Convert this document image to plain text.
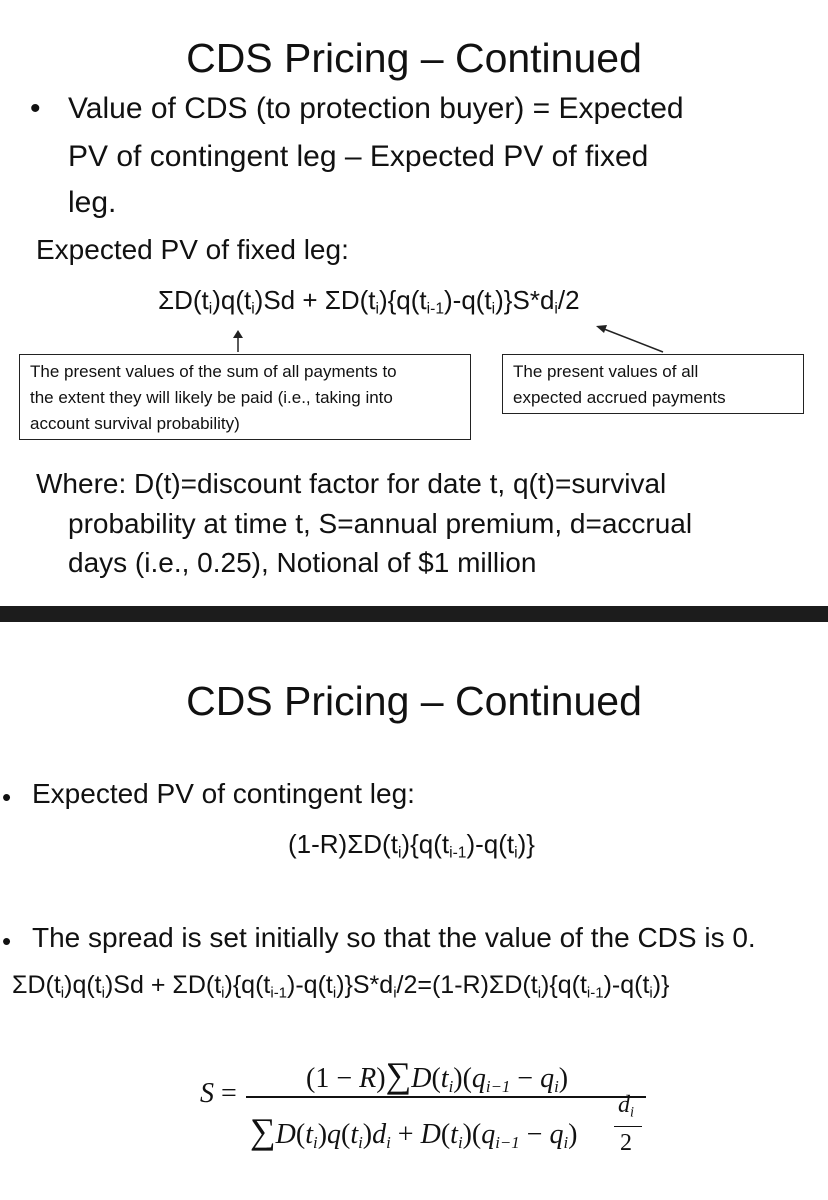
CDS Pricing – Continued
• Value of CDS (to protection buyer) = Expected
PV of contingent leg – Expected PV of fixed
leg.
Expected PV of fixed leg:
$\Sigma D(t_i)q(t_i)Sd + \Sigma D(t_i)\{q(t_{i-1})-q(t_i)\}S*d_i/2$
The present values of the sum of all payments to
the extent they will likely be paid (i.e., taking into
account survival probability)
The present values of all
expected accrued payments
Where: D(t)=discount factor for date t, q(t)=survival
probability at time t, S=annual premium, d=accrual
days (i.e., 0.25), Notional of $1 million
CDS Pricing – Continued
• Expected PV of contingent leg:
$(1-R)\Sigma D(t_i)\{q(t_{i-1})-q(t_i)\}$
• The spread is set initially so that the value of the CDS is 0.
$\Sigma D(t_i)q(t_i)Sd + \Sigma D(t_i)\{q(t_{i-1})-q(t_i)\}S*d_i/2=(1-R)\Sigma D(t_i)\{q(t_{i-1})-q(t_i)\}$
$S = (1 - R)\sum D(t_i)(q_{i-1} - q_i)$
$\sum D(t_i)q(t_i)d_i + D(t_i)(q_{i-1} - q_i)$
$d_i$
2
